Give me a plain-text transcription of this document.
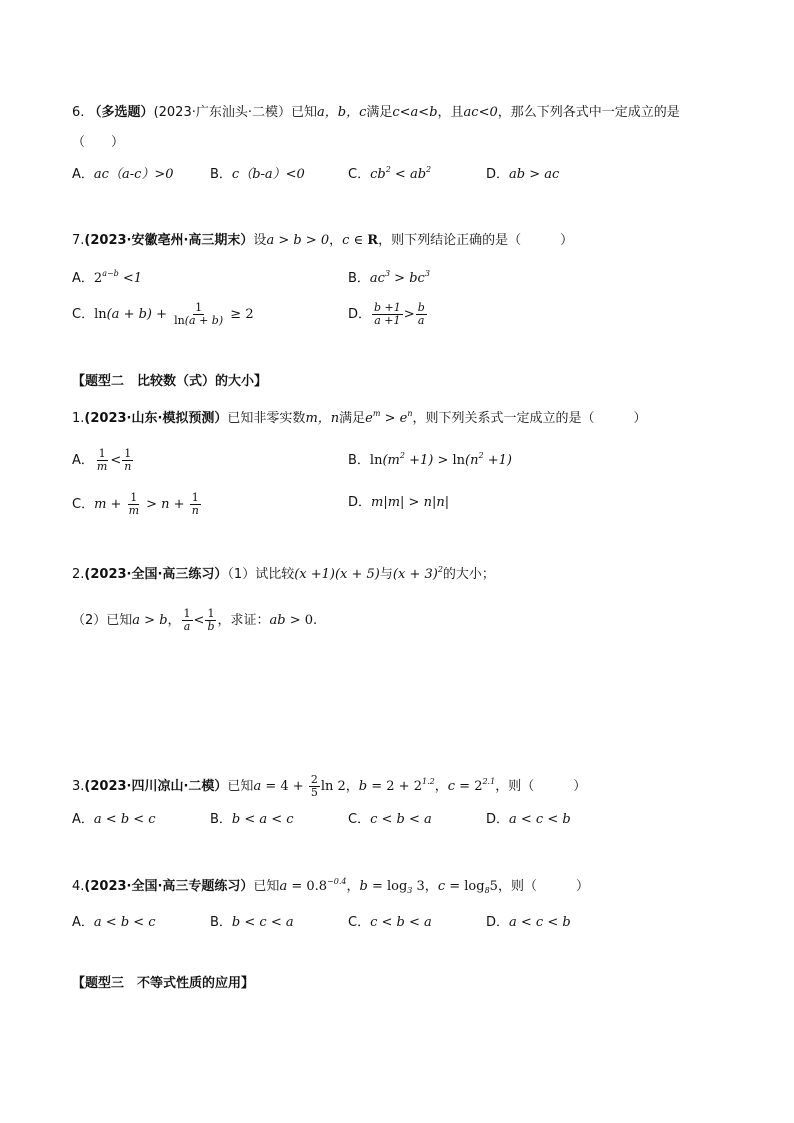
6. （多选题）(2023·广东汕头·二模）已知a，b，c满足c<a<b，且ac<0，那么下列各式中一定成立的是
（　　）
A．ac（a-c）>0	B．c（b-a）<0	C．$cb^2 < ab^2$	D．ab > ac
7.(2023·安徽亳州·高三期末）设a > b > 0，c ∈ R，则下列结论正确的是（　　　）
A．$2^{a-b} <1$	B．$ac^3 > bc^3$
C．$\ln(a + b) + \frac{1}{\ln(a + b)} \ge 2$	D． $\frac{b +1}{a +1} > \frac{b}{a}$
【题型二　比较数（式）的大小】
1.(2023·山东·模拟预测）已知非零实数m，n满足$e^m > e^n$，则下列关系式一定成立的是（　　　）
A． $\frac{1}{m} < \frac{1}{n}$	B．$\ln(m^2 +1) > \ln(n^2 +1)$
C．$m + \frac{1}{m} > n + \frac{1}{n}$	D．m|m| > n|n|
2.(2023·全国·高三练习）（1）试比较(x +1)(x + 5)与$(x + 3)^2$的大小；
（2）已知a > b， $\frac{1}{a} < \frac{1}{b}$ ，求证：ab > 0.
3.(2023·四川凉山·二模）已知$a = 4 + \frac{2}{5}$ ln 2，$b = 2 + 2^{1.2}$，$c = 2^{2.1}$，则（　　　）
A．a < b < c	B．b < a < c	C．c < b < a	D．a < c < b
4.(2023·全国·高三专题练习）已知$a = 0.8^{-0.4}$，$b = \log_3 3$，$c = \log_85$，则（　　　）
A．a < b < c	B．b < c < a	C．c < b < a	D．a < c < b
【题型三　不等式性质的应用】
